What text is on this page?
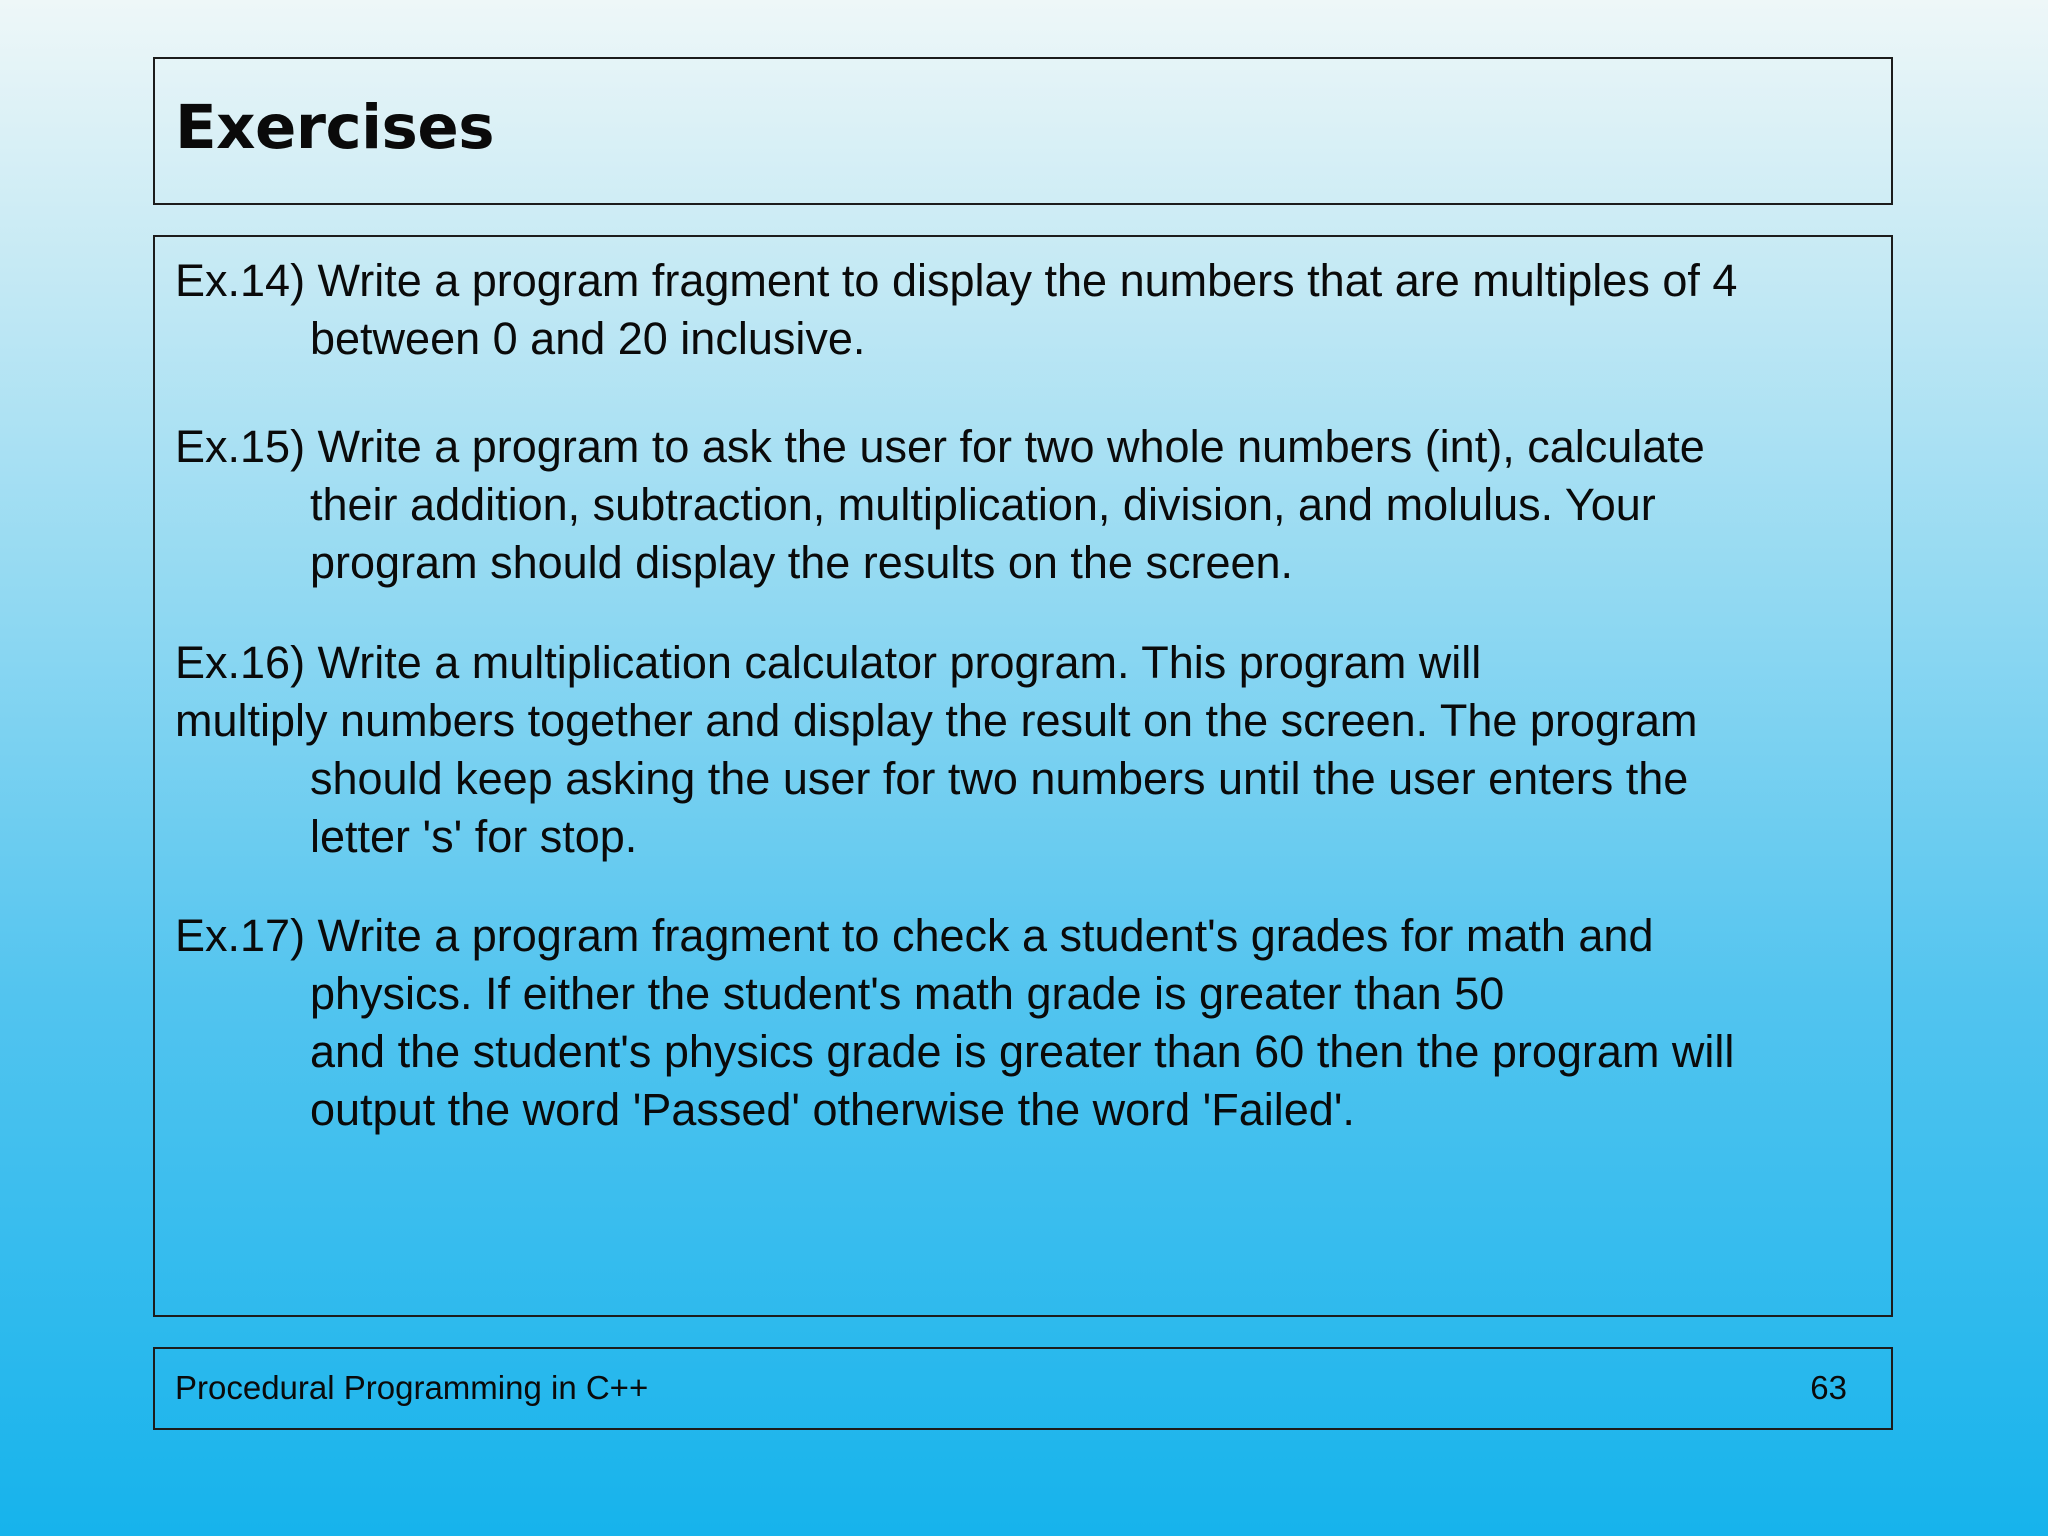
Exercises

Ex.14) Write a program fragment to display the numbers that are multiples of 4
between 0 and 20 inclusive.

Ex.15) Write a program to ask the user for two whole numbers (int), calculate
their addition, subtraction, multiplication, division, and molulus. Your
program should display the results on the screen.

Ex.16) Write a multiplication calculator program. This program will
multiply numbers together and display the result on the screen. The program
should keep asking the user for two numbers until the user enters the
letter 's' for stop.

Ex.17) Write a program fragment to check a student's grades for math and
physics. If either the student's math grade is greater than 50
and the student's physics grade is greater than 60 then the program will
output the word 'Passed' otherwise the word 'Failed'.

Procedural Programming in C++	63
